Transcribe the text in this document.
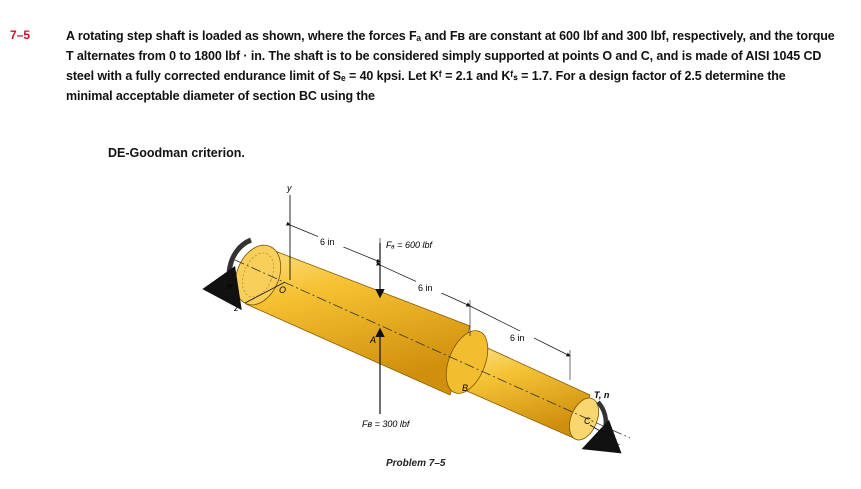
7–5	A rotating step shaft is loaded as shown, where the forces Fₐ and Fʙ are constant at 600 lbf and 300 lbf, respectively, and the torque
T alternates from 0 to 1800 lbf · in. The shaft is to be considered simply supported at points O and C, and is made of AISI 1045 CD
steel with a fully corrected endurance limit of Sₑ = 40 kpsi. Let Kᶠ = 2.1 and Kᶠₛ = 1.7. For a design factor of 2.5 determine the
minimal acceptable diameter of section BC using the
DE-Goodman criterion.
y
z
x
n
T, n
O
A
B
C
6 in	Fₐ = 600 lbf
6 in
6 in
Fʙ = 300 lbf
Problem 7–5
